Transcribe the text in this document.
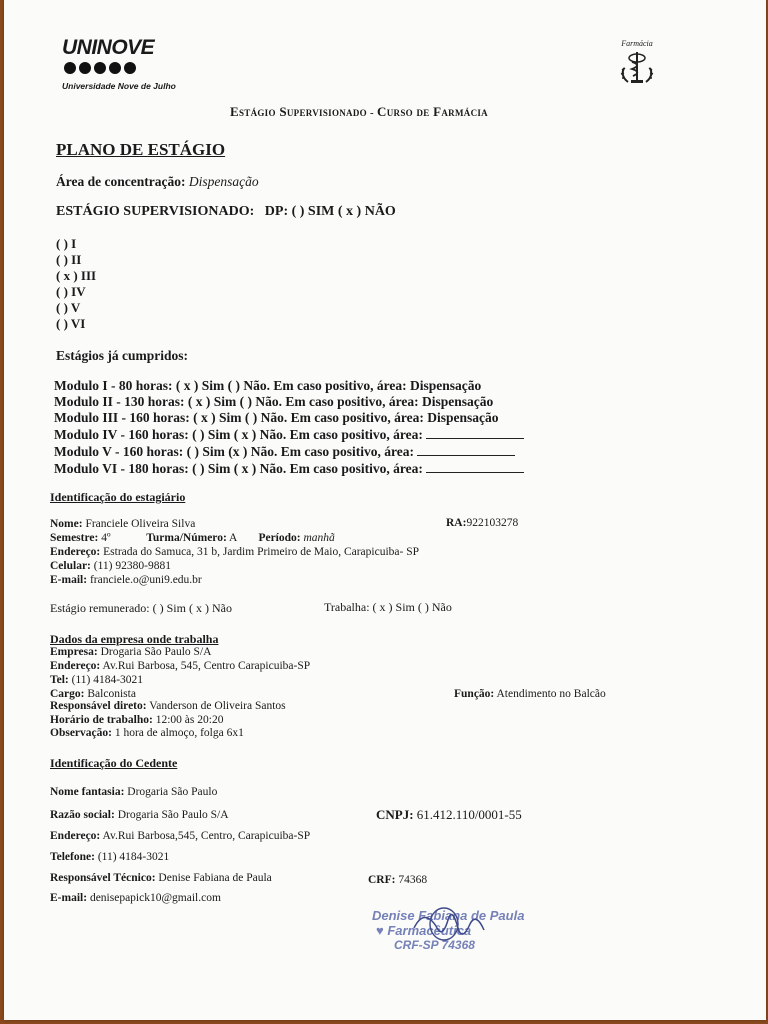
UNINOVE
Universidade Nove de Julho
Farmácia
Estágio Supervisionado - Curso de Farmácia
PLANO DE ESTÁGIO
Área de concentração: Dispensação
ESTÁGIO SUPERVISIONADO: DP: ( ) SIM ( x ) NÃO
( ) I
( ) II
( x ) III
( ) IV
( ) V
( ) VI
Estágios já cumpridos:
Modulo I - 80 horas: ( x ) Sim ( ) Não. Em caso positivo, área: Dispensação
Modulo II - 130 horas: ( x ) Sim ( ) Não. Em caso positivo, área: Dispensação
Modulo III - 160 horas: ( x ) Sim ( ) Não. Em caso positivo, área: Dispensação
Modulo IV - 160 horas: ( ) Sim ( x ) Não. Em caso positivo, área:
Modulo V - 160 horas: ( ) Sim (x ) Não. Em caso positivo, área:
Modulo VI - 180 horas: ( ) Sim ( x ) Não. Em caso positivo, área:
Identificação do estagiário
Nome: Franciele Oliveira Silva	RA:922103278
Semestre: 4º	Turma/Número: A Período: manhã
Endereço: Estrada do Samuca, 31 b, Jardim Primeiro de Maio, Carapicuiba- SP
Celular: (11) 92380-9881
E-mail: franciele.o@uni9.edu.br
Estágio remunerado: ( ) Sim ( x ) Não	Trabalha: ( x ) Sim ( ) Não
Dados da empresa onde trabalha
Empresa: Drogaria São Paulo S/A
Endereço: Av.Rui Barbosa, 545, Centro Carapicuiba-SP
Tel: (11) 4184-3021
Cargo: Balconista	Função: Atendimento no Balcão
Responsável direto: Vanderson de Oliveira Santos
Horário de trabalho: 12:00 às 20:20
Observação: 1 hora de almoço, folga 6x1
Identificação do Cedente
Nome fantasia: Drogaria São Paulo
Razão social: Drogaria São Paulo S/A	CNPJ: 61.412.110/0001-55
Endereço: Av.Rui Barbosa,545, Centro, Carapicuiba-SP
Telefone: (11) 4184-3021
Responsável Técnico: Denise Fabiana de Paula	CRF: 74368
E-mail: denisepapick10@gmail.com
Denise Fabiana de Paula
♥ Farmacêutica
CRF-SP 74368
